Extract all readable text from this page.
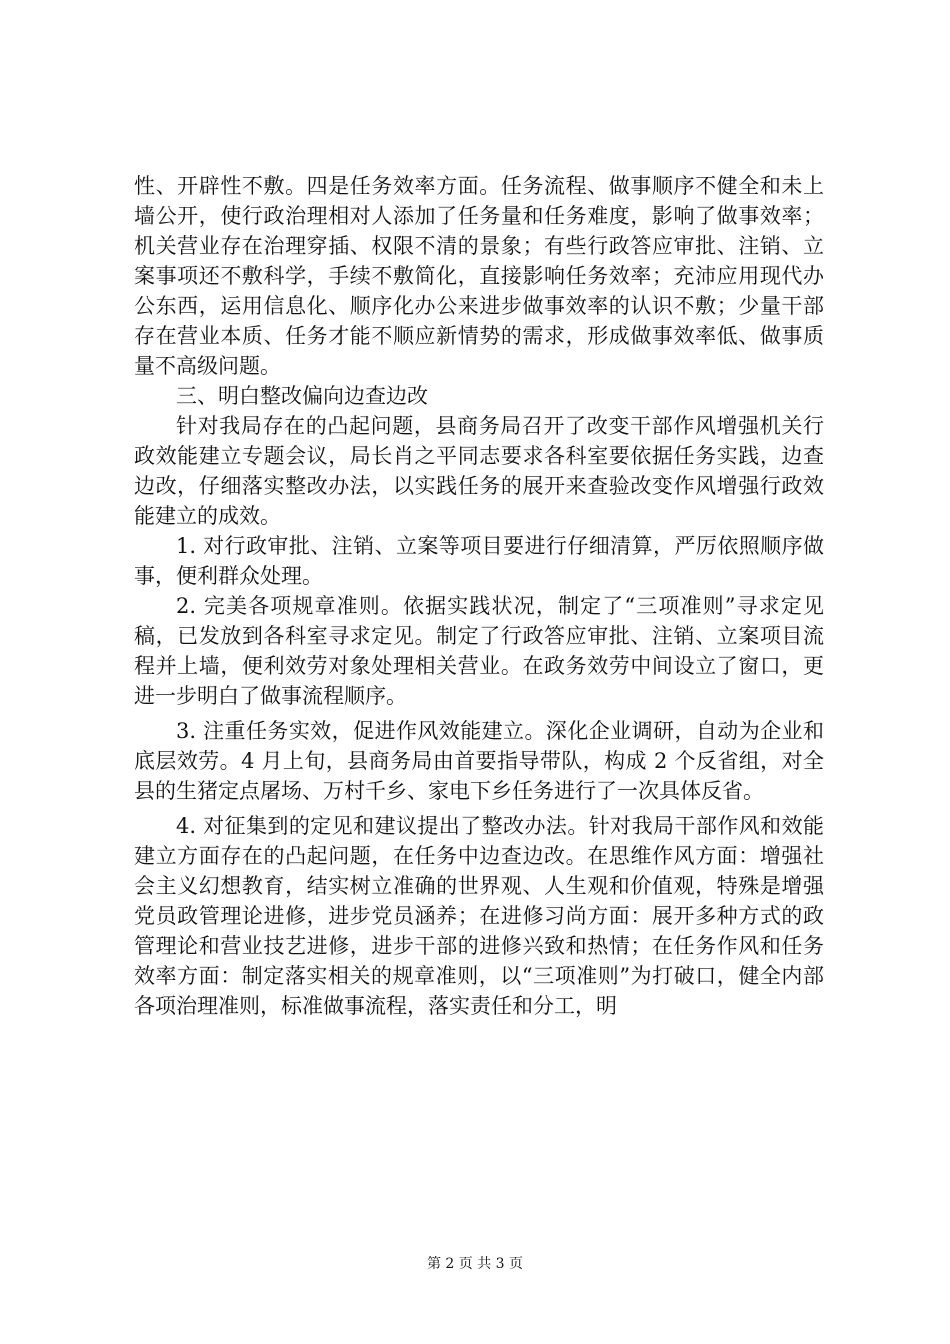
性、开辟性不敷。四是任务效率方面。任务流程、做事顺序不健全和未上墙公开，使行政治理相对人添加了任务量和任务难度，影响了做事效率；机关营业存在治理穿插、权限不清的景象；有些行政答应审批、注销、立案事项还不敷科学，手续不敷简化，直接影响任务效率；充沛应用现代办公东西，运用信息化、顺序化办公来进步做事效率的认识不敷；少量干部存在营业本质、任务才能不顺应新情势的需求，形成做事效率低、做事质量不高级问题。

三、明白整改偏向边查边改

针对我局存在的凸起问题，县商务局召开了改变干部作风增强机关行政效能建立专题会议，局长肖之平同志要求各科室要依据任务实践，边查边改，仔细落实整改办法，以实践任务的展开来查验改变作风增强行政效能建立的成效。

1. 对行政审批、注销、立案等项目要进行仔细清算，严厉依照顺序做事，便利群众处理。

2. 完美各项规章准则。依据实践状况，制定了“三项准则”寻求定见稿，已发放到各科室寻求定见。制定了行政答应审批、注销、立案项目流程并上墙，便利效劳对象处理相关营业。在政务效劳中间设立了窗口，更进一步明白了做事流程顺序。

3. 注重任务实效，促进作风效能建立。深化企业调研，自动为企业和底层效劳。4 月上旬，县商务局由首要指导带队，构成 2 个反省组，对全县的生猪定点屠场、万村千乡、家电下乡任务进行了一次具体反省。

4. 对征集到的定见和建议提出了整改办法。针对我局干部作风和效能建立方面存在的凸起问题，在任务中边查边改。在思维作风方面：增强社会主义幻想教育，结实树立准确的世界观、人生观和价值观，特殊是增强党员政管理论进修，进步党员涵养；在进修习尚方面：展开多种方式的政管理论和营业技艺进修，进步干部的进修兴致和热情；在任务作风和任务效率方面：制定落实相关的规章准则，以“三项准则”为打破口，健全内部各项治理准则，标准做事流程，落实责任和分工，明

第 2 页 共 3 页
